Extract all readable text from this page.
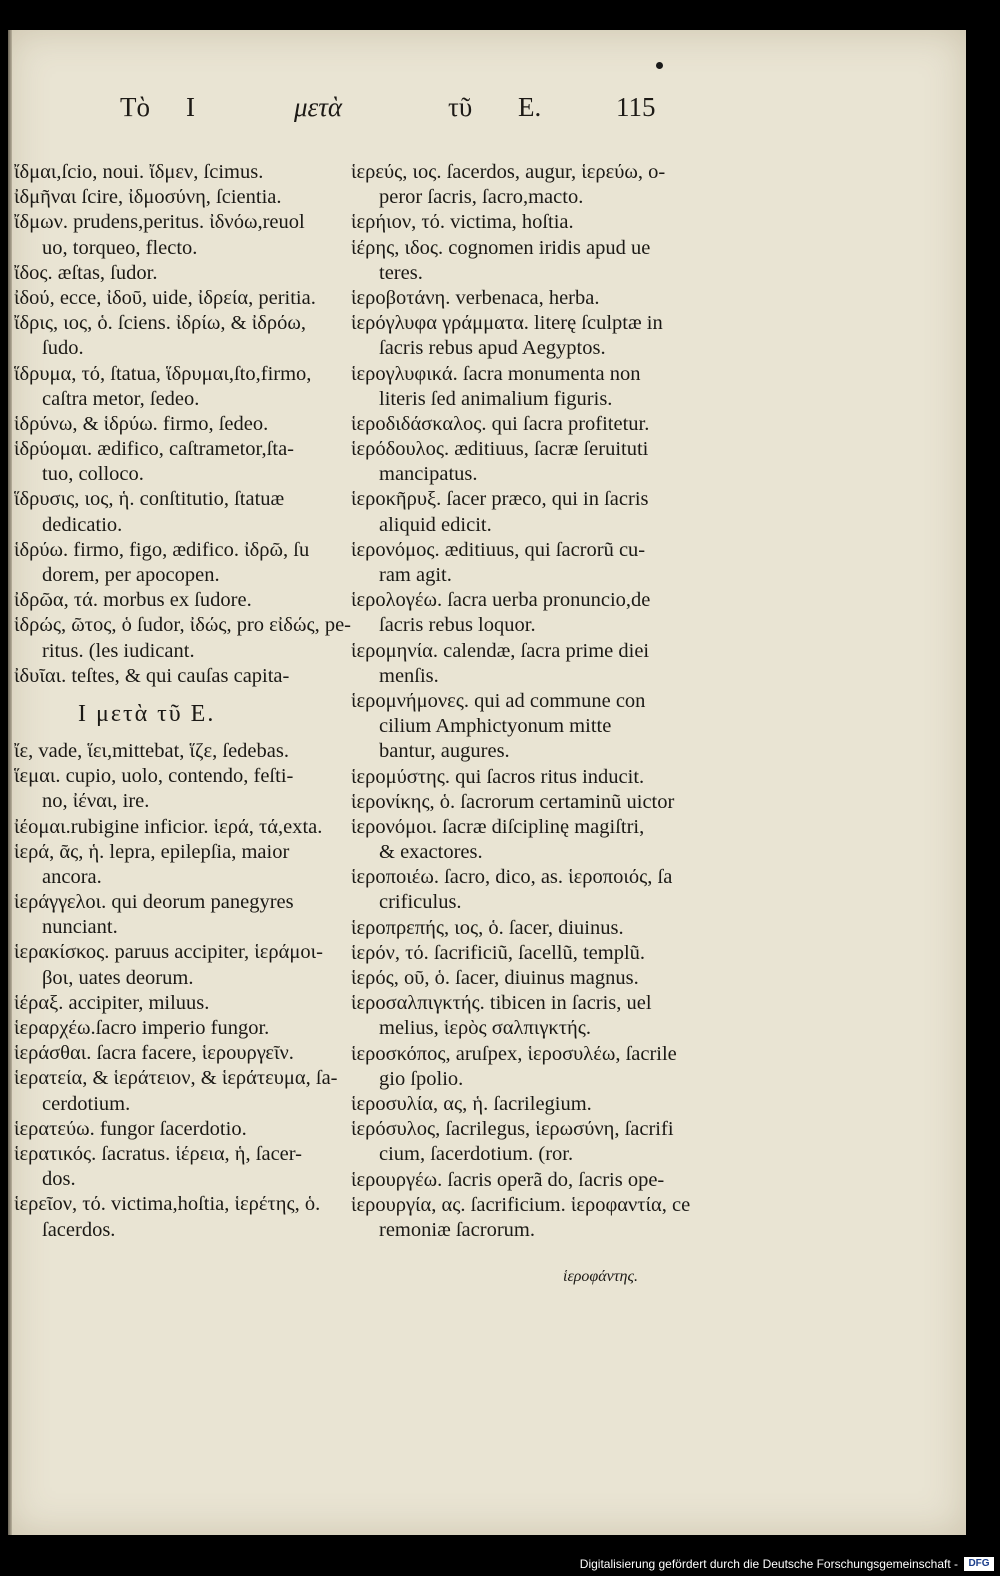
Τὸ Ι	μετὰ	τῦ Ε.	115
ἴδμαι,ſcio, noui. ἴδμεν, ſcimus.
ἰδμῆναι ſcire, ἰδμοσύνη, ſcientia.
ἴδμων. prudens,peritus. ἰδνόω,reuol
uo, torqueo, flecto.
ἴδος. æſtas, ſudor.
ἰδού, ecce, ἰδοῦ, uide, ἰδρεία, peritia.
ἴδρις, ιος, ὁ. ſciens. ἰδρίω, & ἰδρόω,
ſudo.
ἵδρυμα, τό, ſtatua, ἵδρυμαι,ſto,firmo,
caſtra metor, ſedeo.
ἱδρύνω, & ἱδρύω. firmo, ſedeo.
ἱδρύομαι. ædifico, caſtrametor,ſta-
tuo, colloco.
ἵδρυσις, ιος, ἡ. conſtitutio, ſtatuæ
dedicatio.
ἱδρύω. firmo, figo, ædifico. ἰδρῶ, ſu
dorem, per apocopen.
ἰδρῶα, τά. morbus ex ſudore.
ἱδρώς, ῶτος, ὁ ſudor, ἰδώς, pro εἰδώς, pe-
ritus. (les iudicant.
ἰδυῖαι. teſtes, & qui cauſas capita-
Ι μετὰ τῦ Ε.
ἴε, vade, ἵει,mittebat, ἵζε, ſedebas.
ἵεμαι. cupio, uolo, contendo, feſti-
no, ἰέναι, ire.
ἰέομαι.rubigine inficior. ἱερά, τά,exta.
ἱερά, ᾶς, ἡ. lepra, epilepſia, maior
ancora.
ἱεράγγελοι. qui deorum panegyres
nunciant.
ἱερακίσκος. paruus accipiter, ἱεράμοι-
βοι, uates deorum.
ἱέραξ. accipiter, miluus.
ἱεραρχέω.ſacro imperio fungor.
ἱεράσθαι. ſacra facere, ἱερουργεῖν.
ἱερατεία, & ἱεράτειον, & ἱεράτευμα, ſa-
cerdotium.
ἱερατεύω. fungor ſacerdotio.
ἱερατικός. ſacratus. ἱέρεια, ἡ, ſacer-
dos.
ἱερεῖον, τό. victima,hoſtia, ἱερέτης, ὁ.
ſacerdos.
ἱερεύς, ιος. ſacerdos, augur, ἱερεύω, o-
peror ſacris, ſacro,macto.
ἱερήιον, τό. victima, hoſtia.
ἱέρης, ιδος. cognomen iridis apud ue
teres.
ἱεροβοτάνη. verbenaca, herba.
ἱερόγλυφα γράμματα. literę ſculptæ in
ſacris rebus apud Aegyptos.
ἱερογλυφικά. ſacra monumenta non
literis ſed animalium figuris.
ἱεροδιδάσκαλος. qui ſacra profitetur.
ἱερόδουλος. æditiuus, ſacræ ſeruituti
mancipatus.
ἱεροκῆρυξ. ſacer præco, qui in ſacris
aliquid edicit.
ἱερονόμος. æditiuus, qui ſacrorũ cu-
ram agit.
ἱερολογέω. ſacra uerba pronuncio,de
ſacris rebus loquor.
ἱερομηνία. calendæ, ſacra prime diei
menſis.
ἱερομνήμονες. qui ad commune con
cilium Amphictyonum mitte
bantur, augures.
ἱερομύστης. qui ſacros ritus inducit.
ἱερονίκης, ὁ. ſacrorum certaminũ uictor
ἱερονόμοι. ſacræ diſciplinę magiſtri,
& exactores.
ἱεροποιέω. ſacro, dico, as. ἱεροποιός, ſa
crificulus.
ἱεροπρεπής, ιος, ὁ. ſacer, diuinus.
ἱερόν, τό. ſacrificiũ, ſacellũ, templũ.
ἱερός, οῦ, ὁ. ſacer, diuinus magnus.
ἱεροσαλπιγκτής. tibicen in ſacris, uel
melius, ἱερὸς σαλπιγκτής.
ἱεροσκόπος, aruſpex, ἱεροσυλέω, ſacrile
gio ſpolio.
ἱεροσυλία, ας, ἡ. ſacrilegium.
ἱερόσυλος, ſacrilegus, ἱερωσύνη, ſacrifi
cium, ſacerdotium. (ror.
ἱερουργέω. ſacris operã do, ſacris ope-
ἱερουργία, ας. ſacrificium. ἱεροφαντία, ce
remoniæ ſacrorum.
ἱεροφάντης.
Digitalisierung gefördert durch die Deutsche Forschungsgemeinschaft -	DFG
